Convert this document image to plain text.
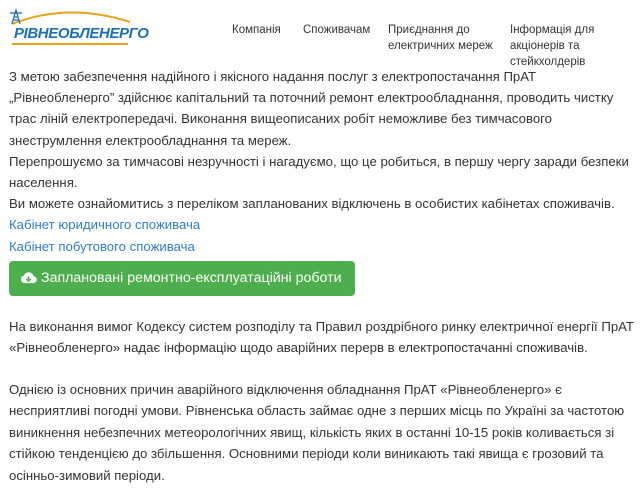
РІВНЕОБЛЕНЕРГО	Компанія Споживачам Приєднання до електричних мереж
Інформація для акціонерів та стейкхолдерів

З метою забезпечення надійного і якісного надання послуг з електропостачання ПрАТ „Рівнеобленерго” здійснює капітальний та поточний ремонт електрообладнання, проводить чистку трас ліній електропередачі. Виконання вищеописаних робіт неможливе без тимчасового знеструмлення електрообладнання та мереж.

Перепрошуємо за тимчасові незручності і нагадуємо, що це робиться, в першу чергу заради безпеки населення.

Ви можете ознайомитись з переліком запланованих відключень в особистих кабінетах споживачів.

Кабінет юридичного споживача
Кабінет побутового споживача
Заплановані ремонтно-експлуатаційні роботи

На виконання вимог Кодексу систем розподілу та Правил роздрібного ринку електричної енергії ПрАТ «Рівнеобленерго» надає інформацію щодо аварійних перерв в електропостачанні споживачів.

Однією із основних причин аварійного відключення обладнання ПрАТ «Рівнеобленерго» є несприятливі погодні умови. Рівненська область займає одне з перших місць по Україні за частотою виникнення небезпечних метеорологічних явищ, кількість яких в останні 10-15 років коливається зі стійкою тенденцією до збільшення. Основними періоди коли виникають такі явища є грозовий та осінньо-зимовий періоди.
